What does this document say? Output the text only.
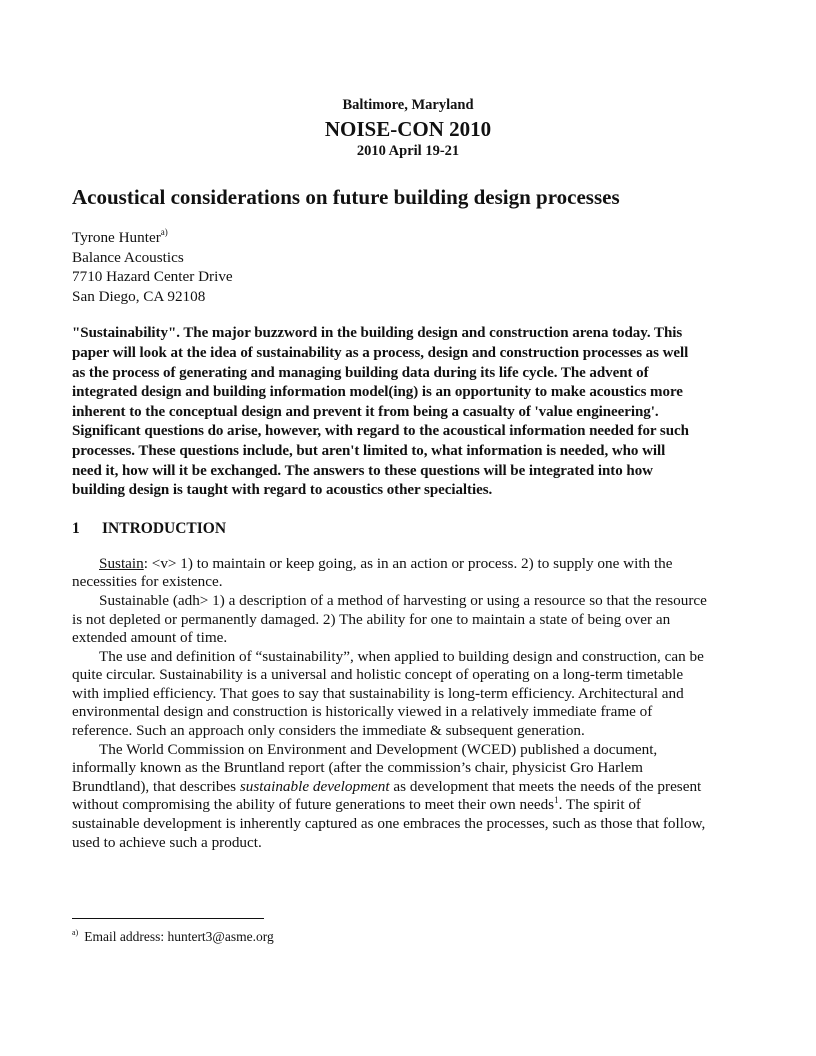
Baltimore, Maryland
NOISE-CON 2010
2010 April 19-21
Acoustical considerations on future building design processes
Tyrone Hunter$^{a)}$
Balance Acoustics
7710 Hazard Center Drive
San Diego, CA 92108
"Sustainability". The major buzzword in the building design and construction arena today. This
paper will look at the idea of sustainability as a process, design and construction processes as well
as the process of generating and managing building data during its life cycle. The advent of
integrated design and building information model(ing) is an opportunity to make acoustics more
inherent to the conceptual design and prevent it from being a casualty of 'value engineering'.
Significant questions do arise, however, with regard to the acoustical information needed for such
processes. These questions include, but aren't limited to, what information is needed, who will
need it, how will it be exchanged. The answers to these questions will be integrated into how
building design is taught with regard to acoustics other specialties.
1 INTRODUCTION

Sustain: <v> 1) to maintain or keep going, as in an action or process. 2) to supply one with the
necessities for existence.

Sustainable (adh> 1) a description of a method of harvesting or using a resource so that the resource
is not depleted or permanently damaged. 2) The ability for one to maintain a state of being over an
extended amount of time.

The use and definition of “sustainability”, when applied to building design and construction, can be
quite circular. Sustainability is a universal and holistic concept of operating on a long-term timetable
with implied efficiency. That goes to say that sustainability is long-term efficiency. Architectural and
environmental design and construction is historically viewed in a relatively immediate frame of
reference. Such an approach only considers the immediate & subsequent generation.

The World Commission on Environment and Development (WCED) published a document,
informally known as the Bruntland report (after the commission’s chair, physicist Gro Harlem
Brundtland), that describes sustainable development as development that meets the needs of the present
without compromising the ability of future generations to meet their own needs$^1$. The spirit of
sustainable development is inherently captured as one embraces the processes, such as those that follow,
used to achieve such a product.

$^{a)}$ Email address: huntert3@asme.org
